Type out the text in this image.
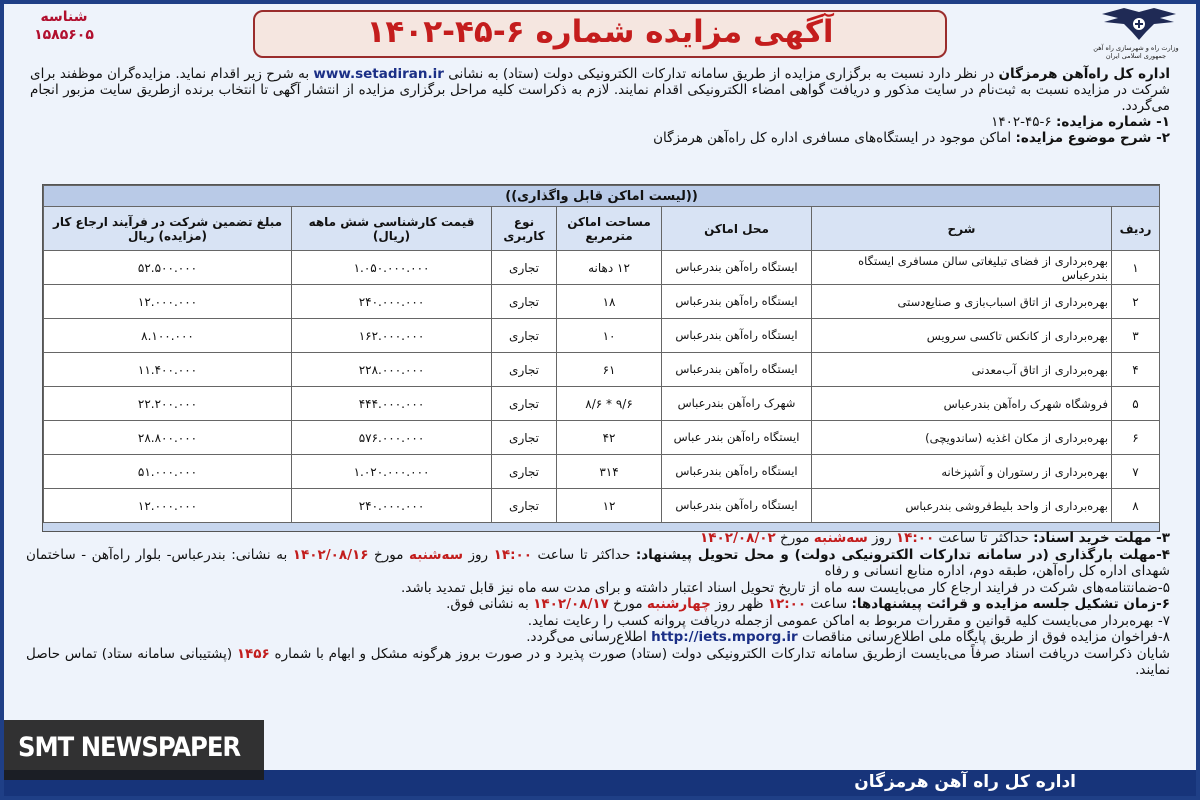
شناسه
۱۵۸۵۶۰۵	آگهی مزایده شماره ۶-۴۵-۱۴۰۲	وزارت راه و شهرسازی راه آهن جمهوری اسلامی ایران
اداره کل راه‌آهن هرمزگان در نظر دارد نسبت به برگزاری مزایده از طریق سامانه تدارکات الکترونیکی دولت (ستاد) به نشانی www.setadiran.ir به شرح زیر اقدام نماید. مزایده‌گران موظفند برای شرکت در مزایده نسبت به ثبت‌نام در سایت مذکور و دریافت گواهی امضاء الکترونیکی اقدام نمایند. لازم به ذکراست کلیه مراحل برگزاری مزایده از انتشار آگهی تا انتخاب برنده ازطریق سایت مزبور انجام می‌گردد.
۱- شماره مزایده: ۶-۴۵-۱۴۰۲
۲- شرح موضوع مزایده: اماکن موجود در ایستگاه‌های مسافری اداره کل راه‌آهن هرمزگان
((لیست اماکن قابل واگذاری))						
ردیف	شرح	محل اماکن	مساحت اماکن مترمربع	نوع کاربری	قیمت کارشناسی شش ماهه (ریال)	مبلغ تضمین شرکت در فرآیند ارجاع کار (مزایده) ریال
۱	بهره‌برداری از فضای تبلیغاتی سالن مسافری ایستگاه بندرعباس	ایستگاه راه‌آهن بندرعباس	۱۲ دهانه	تجاری	۱.۰۵۰.۰۰۰.۰۰۰	۵۲.۵۰۰.۰۰۰
۲	بهره‌برداری از اتاق اسباب‌بازی و صنایع‌دستی	ایستگاه راه‌آهن بندرعباس	۱۸	تجاری	۲۴۰.۰۰۰.۰۰۰	۱۲.۰۰۰.۰۰۰
۳	بهره‌برداری از کانکس تاکسی سرویس	ایستگاه راه‌آهن بندرعباس	۱۰	تجاری	۱۶۲.۰۰۰.۰۰۰	۸.۱۰۰.۰۰۰
۴	بهره‌برداری از اتاق آب‌معدنی	ایستگاه راه‌آهن بندرعباس	۶۱	تجاری	۲۲۸.۰۰۰.۰۰۰	۱۱.۴۰۰.۰۰۰
۵	فروشگاه شهرک راه‌آهن بندرعباس	شهرک راه‌آهن بندرعباس	۹/۶ * ۸/۶	تجاری	۴۴۴.۰۰۰.۰۰۰	۲۲.۲۰۰.۰۰۰
۶	بهره‌برداری از مکان اغذیه (ساندویچی)	ایستگاه راه‌آهن بندر عباس	۴۲	تجاری	۵۷۶.۰۰۰.۰۰۰	۲۸.۸۰۰.۰۰۰
۷	بهره‌برداری از رستوران و آشپزخانه	ایستگاه راه‌آهن بندرعباس	۳۱۴	تجاری	۱.۰۲۰.۰۰۰.۰۰۰	۵۱.۰۰۰.۰۰۰
۸	بهره‌برداری از واحد بلیط‌فروشی بندرعباس	ایستگاه راه‌آهن بندرعباس	۱۲	تجاری	۲۴۰.۰۰۰.۰۰۰	۱۲.۰۰۰.۰۰۰

۳- مهلت خرید اسناد: حداکثر تا ساعت ۱۴:۰۰ روز سه‌شنبه مورخ ۱۴۰۲/۰۸/۰۲

۴-مهلت بارگذاری (در سامانه تدارکات الکترونیکی دولت) و محل تحویل پیشنهاد: حداکثر تا ساعت ۱۴:۰۰ روز سه‌شنبه مورخ ۱۴۰۲/۰۸/۱۶ به نشانی: بندرعباس- بلوار راه‌آهن - ساختمان شهدای اداره کل راه‌آهن، طبقه دوم، اداره منابع انسانی و رفاه

۵-ضمانتنامه‌های شرکت در فرایند ارجاع کار می‌بایست سه ماه از تاریخ تحویل اسناد اعتبار داشته و برای مدت سه ماه نیز قابل تمدید باشد.

۶-زمان تشکیل جلسه مزایده و قرائت پیشنهادها: ساعت ۱۲:۰۰ ظهر روز چهارشنبه مورخ ۱۴۰۲/۰۸/۱۷ به نشانی فوق.

۷- بهره‌بردار می‌بایست کلیه قوانین و مقررات مربوط به اماکن عمومی ازجمله دریافت پروانه کسب را رعایت نماید.

۸-فراخوان مزایده فوق از طریق پایگاه ملی اطلاع‌رسانی مناقصات http://iets.mporg.ir اطلاع‌رسانی می‌گردد.

شایان ذکراست دریافت اسناد صرفاً می‌بایست ازطریق سامانه تدارکات الکترونیکی دولت (ستاد) صورت پذیرد و در صورت بروز هرگونه مشکل و ابهام با شماره ۱۴۵۶ (پشتیبانی سامانه ستاد) تماس حاصل نمایند.

اداره کل راه آهن هرمزگان
SMT NEWSPAPER
